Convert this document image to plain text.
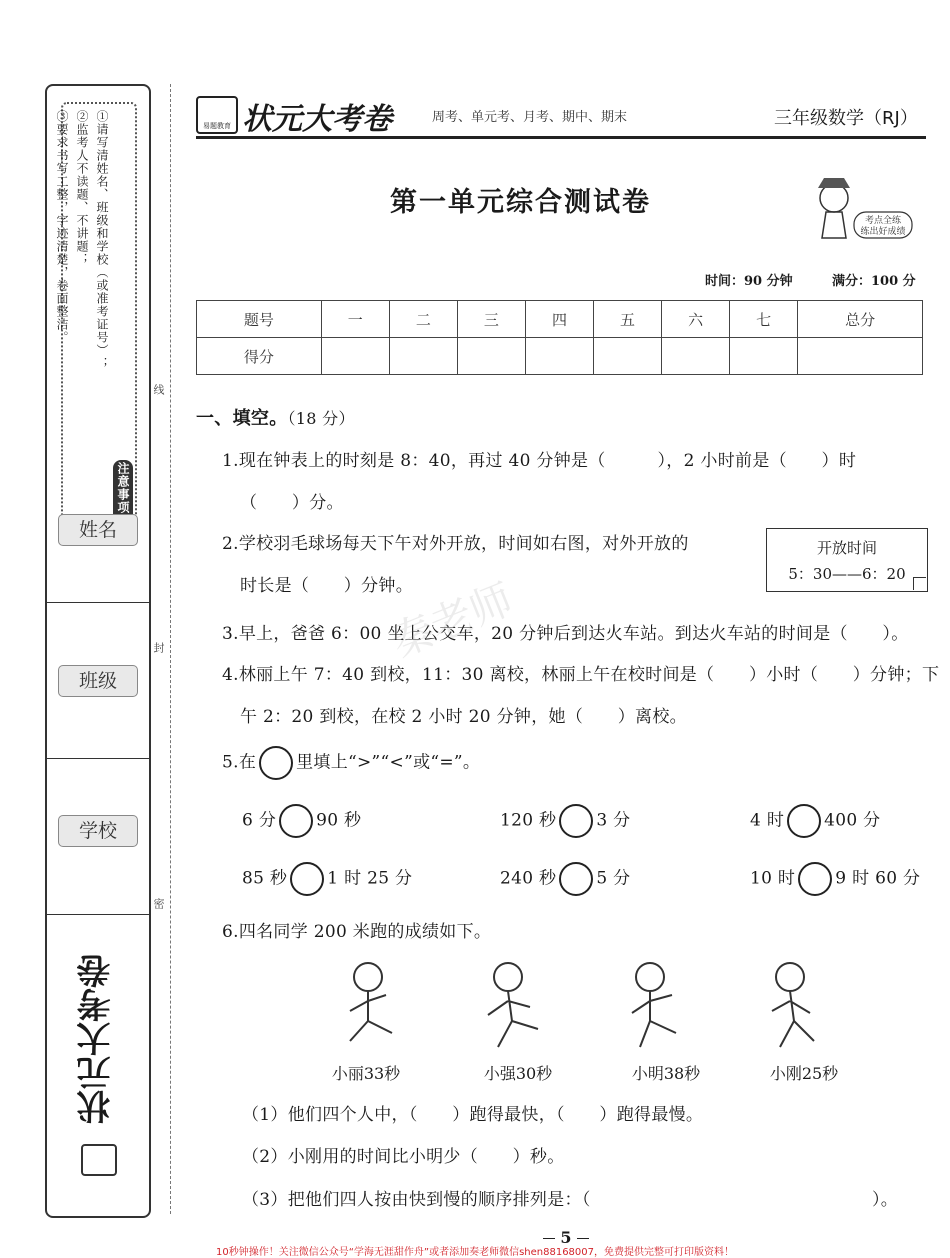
注意事项
①请写清姓名、班级和学校（或准考证号）；
②监考人不读题、不讲题；
③要求书写工整，字迹清楚，卷面整洁。
姓名
班级
学校
状元大考卷
线
封
密
易题教育 状元大考卷	周考、单元考、月考、期中、期末	三年级数学（RJ）
第一单元综合测试卷
考点全练
练出好成绩
时间：90 分钟	满分：100 分
题号	一	二	三	四	五	六	七	总分
得分								
一、填空。（18 分）
1.现在钟表上的时刻是 8：40，再过 40 分钟是（　　　），2 小时前是（　　）时
（　　）分。
2.学校羽毛球场每天下午对外开放，时间如右图，对外开放的
时长是（　　）分钟。
开放时间
5：30——6：20
3.早上，爸爸 6：00 坐上公交车，20 分钟后到达火车站。到达火车站的时间是（　　）。
4.林丽上午 7：40 到校，11：30 离校，林丽上午在校时间是（　　）小时（　　）分钟；下
午 2：20 到校，在校 2 小时 20 分钟，她（　　）离校。
5.在 里填上“>”“<”或“=”。
6 分 90 秒	120 秒 3 分	4 时 400 分
85 秒 1 时 25 分	240 秒 5 分	10 时 9 时 60 分
6.四名同学 200 米跑的成绩如下。
小丽33秒	小强30秒	小明38秒	小刚25秒
（1）他们四个人中，（　　）跑得最快，（　　）跑得最慢。
（2）小刚用的时间比小明少（　　）秒。
（3）把他们四人按由快到慢的顺序排列是：（	）。
秦老师
5
10秒钟操作！关注微信公众号“学海无涯甜作舟”或者添加奏老师微信shen88168007，免费提供完整可打印版资料！
